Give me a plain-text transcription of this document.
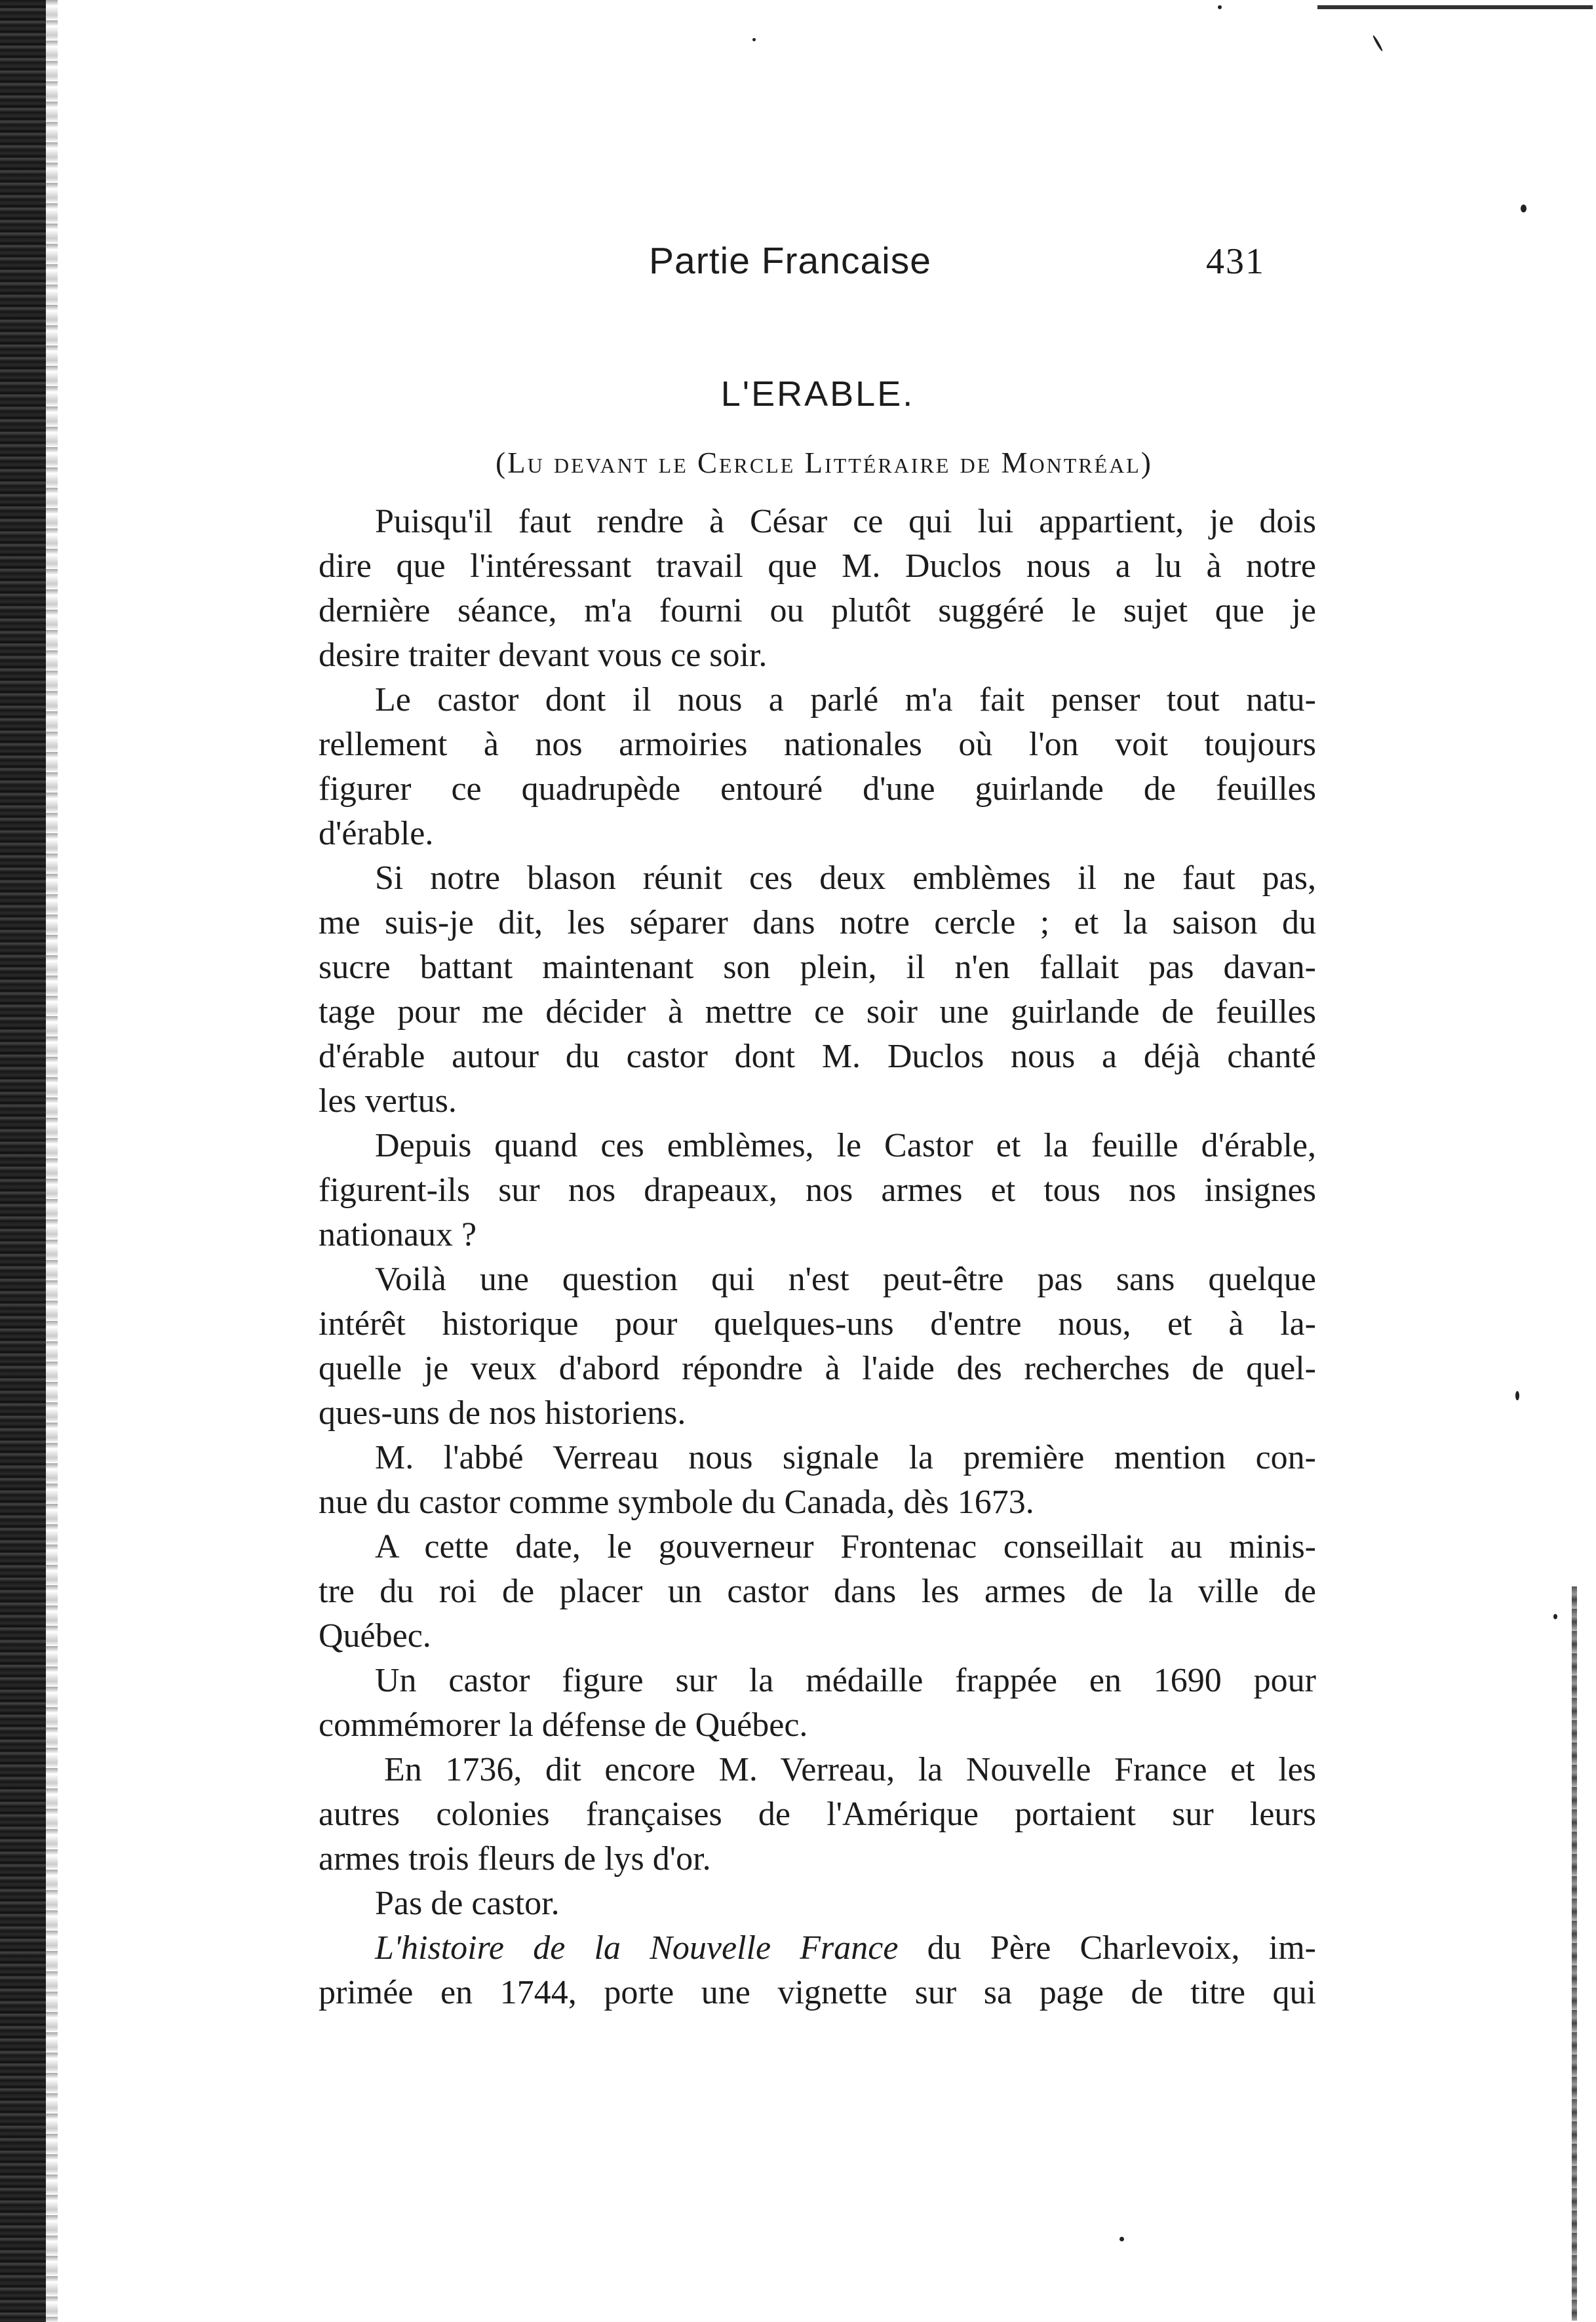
Partie Francaise	431
L'ERABLE.
(Lu devant le Cercle Littéraire de Montréal)
Puisqu'il faut rendre à César ce qui lui appartient, je dois
dire que l'intéressant travail que M. Duclos nous a lu à notre
dernière séance, m'a fourni ou plutôt suggéré le sujet que je
desire traiter devant vous ce soir.
Le castor dont il nous a parlé m'a fait penser tout natu-
rellement à nos armoiries nationales où l'on voit toujours
figurer ce quadrupède entouré d'une guirlande de feuilles
d'érable.
Si notre blason réunit ces deux emblèmes il ne faut pas,
me suis-je dit, les séparer dans notre cercle ; et la saison du
sucre battant maintenant son plein, il n'en fallait pas davan-
tage pour me décider à mettre ce soir une guirlande de feuilles
d'érable autour du castor dont M. Duclos nous a déjà chanté
les vertus.
Depuis quand ces emblèmes, le Castor et la feuille d'érable,
figurent-ils sur nos drapeaux, nos armes et tous nos insignes
nationaux ?
Voilà une question qui n'est peut-être pas sans quelque
intérêt historique pour quelques-uns d'entre nous, et à la-
quelle je veux d'abord répondre à l'aide des recherches de quel-
ques-uns de nos historiens.
M. l'abbé Verreau nous signale la première mention con-
nue du castor comme symbole du Canada, dès 1673.
A cette date, le gouverneur Frontenac conseillait au minis-
tre du roi de placer un castor dans les armes de la ville de
Québec.
Un castor figure sur la médaille frappée en 1690 pour
commémorer la défense de Québec.
En 1736, dit encore M. Verreau, la Nouvelle France et les
autres colonies françaises de l'Amérique portaient sur leurs
armes trois fleurs de lys d'or.
Pas de castor.
L'histoire de la Nouvelle France du Père Charlevoix, im-
primée en 1744, porte une vignette sur sa page de titre qui
